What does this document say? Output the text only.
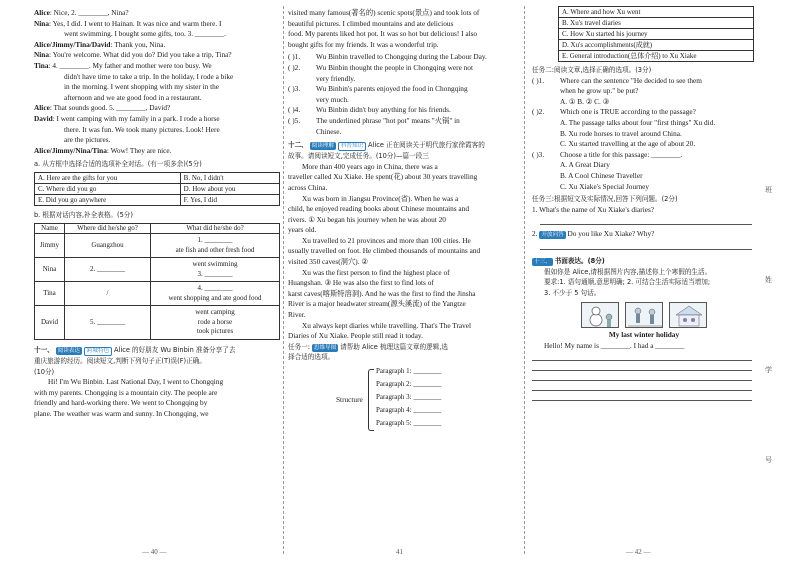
Alice: Nice, 2. ________, Nina?
Nina: Yes, I did. I went to Hainan. It was nice and warm there. I
went swimming. I bought some gifts, too. 3. ________.
Alice/Jimmy/Tina/David: Thank you, Nina.
Nina: You're welcome. What did you do? Did you take a trip, Tina?
Tina: 4. ________. My father and mother were too busy. We
didn't have time to take a trip. In the holiday, I rode a bike
in the morning. I went shopping with my sister in the
afternoon and we ate good food in a restaurant.
Alice: That sounds good. 5. ________, David?
David: I went camping with my family in a park. I rode a horse
there. It was fun. We took many pictures. Look! Here
are the pictures.
Alice/Jimmy/Nina/Tina: Wow! They are nice.
a. 从方框中选择合适的选项补全对话。(有一项多余)(5分)
A. Here are the gifts for you	B. No, I didn't
C. Where did you go	D. How about you
E. Did you go anywhere	F. Yes, I did
b. 根据对话内容,补全表格。(5分)
Name	Where did he/she go?	What did he/she do?
Jimmy	Guangzhou	1. ________
ate fish and other fresh food

Nina	2. ________	went swimming
3. ________

Tina	/	4. ________
went shopping and ate good food

David	5. ________	went camping
rode a horse
took pictures
十一、 阅读表达 跨城特色 Alice 的好朋友 Wu Binbin 准备分享了去
重庆旅游的经历。阅读短文,判断下列句子正(T)误(F)正确。
(10分)
Hi! I'm Wu Binbin. Last National Day, I went to Chongqing
with my parents. Chongqing is a mountain city. The people are
friendly and hard-working there. We went to Chongqing by
plane. The weather was warm and sunny. In Chongqing, we
— 40 —
visited many famous(著名的) scenic spots(景点) and took lots of
beautiful pictures. I climbed mountains and ate delicious
food. My parents liked hot pot. It was so hot but delicious! I also
bought gifts for my friends. It was a wonderful trip.
( )1. Wu Binbin travelled to Chongqing during the Labour Day.
( )2. Wu Binbin thought the people in Chongqing were not
very friendly.
( )3. Wu Binbin's parents enjoyed the food in Chongqing
very much.
( )4. Wu Binbin didn't buy anything for his friends.
( )5. The underlined phrase "hot pot" means "火锅" in
Chinese.
十二、 阅读理解 科普知识 Alice 正在阅读关于明代旅行家徐霞客的
故事。请阅读短文,完成任务。(10分)—篇一段三
More than 400 years ago in China, there was a
traveller called Xu Xiake. He spent(花) about 30 years travelling
across China.
Xu was born in Jiangsu Province(省). When he was a
child, he enjoyed reading books about Chinese mountains and
rivers. ① Xu began his journey when he was about 20
years old.
Xu travelled to 21 provinces and more than 100 cities. He
usually travelled on foot. He climbed thousands of mountains and
visited 350 caves(洞穴). ②
Xu was the first person to find the highest place of
Huangshan. ③ He was also the first to find lots of
karst caves(喀斯特溶洞). And he was the first to find the Jinsha
River is a major headwater stream(源头溪流) of the Yangtze
River.
Xu always kept diaries while travelling. That's The Travel
Diaries of Xu Xiake. People still read it today.
任务一: 思维导图 请帮助 Alice 梳理这篇文章的逻辑,选
择合适的选项。
Structure
Paragraph 1: ________
Paragraph 2: ________
Paragraph 3: ________
Paragraph 4: ________
Paragraph 5: ________
41
A. Where and how Xu went
B. Xu's travel diaries
C. How Xu started his journey
D. Xu's accomplishments(成就)
E. General introduction(总体介绍) to Xu Xiake
任务二:阅读文章,选择正确的选项。(3分)
( )1. Where can the sentence "He decided to see them
when he grow up." be put?
A. ① B. ② C. ③
( )2. Which one is TRUE according to the passage?
A. The passage talks about four "first things" Xu did.
B. Xu rode horses to travel around China.
C. Xu started travelling at the age of about 20.
( )3. Choose a title for this passage: ________.
A. A Great Diary
B. A Cool Chinese Traveller
C. Xu Xiake's Special Journey
任务三:根据短文及实际情况,回答下列问题。(2分)
1. What's the name of Xu Xiake's diaries?
2. 开放问答 Do you like Xu Xiake? Why?
十三、 书面表达。(8分)
假如你是 Alice,请根据图片内容,描述你上个寒假的生活。
要求:1. 语句通顺,意思明确; 2. 可结合生活实际适当增加;
3. 不少于 5 句话。
My last winter holiday
Hello! My name is ________. I had a ________
— 42 —
班
姓
学
号
